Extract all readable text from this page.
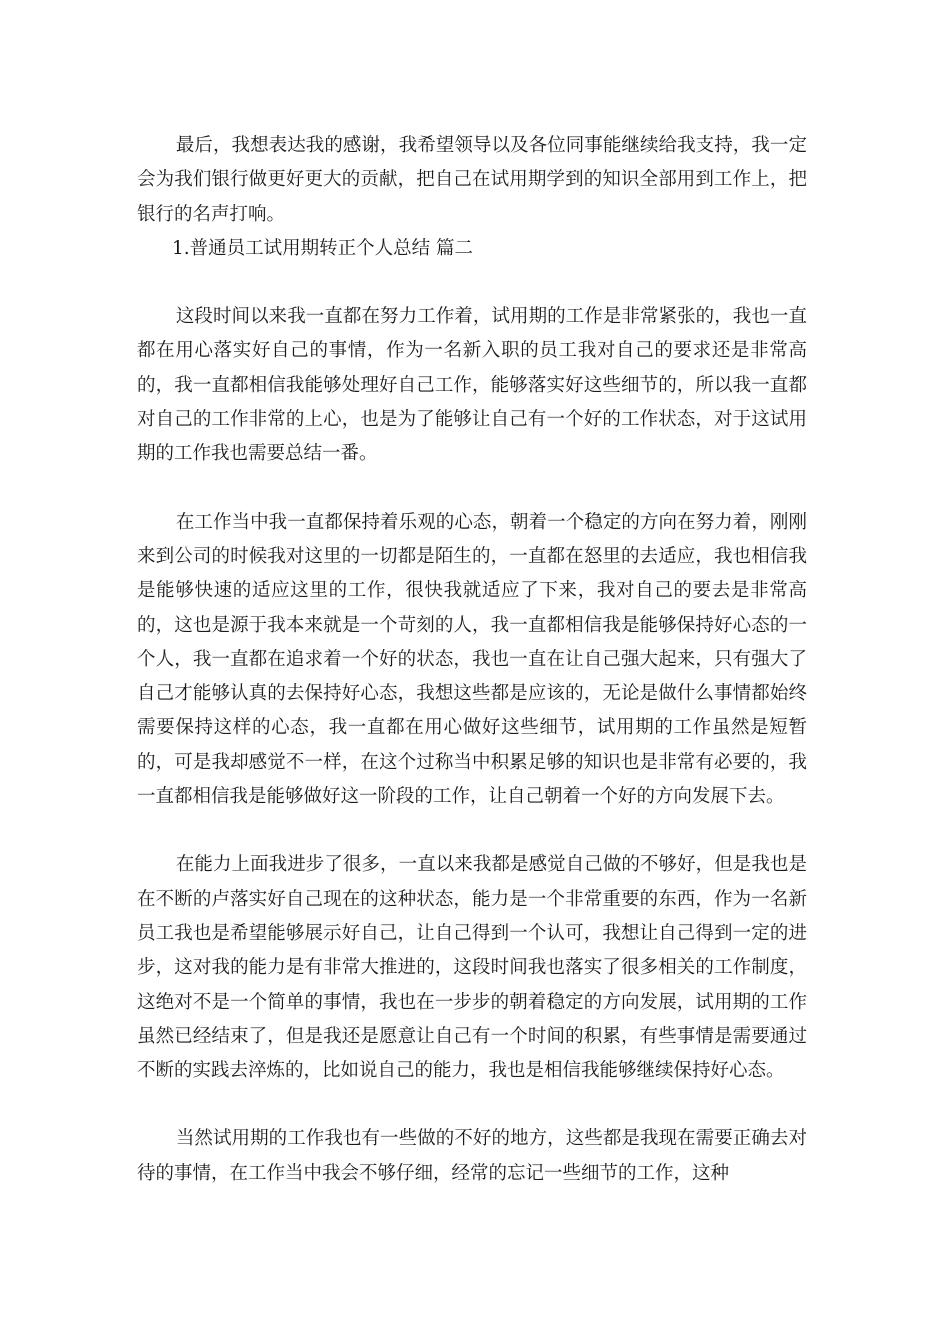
最后，我想表达我的感谢，我希望领导以及各位同事能继续给我支持，我一定会为我们银行做更好更大的贡献，把自己在试用期学到的知识全部用到工作上，把银行的名声打响。

1.普通员工试用期转正个人总结 篇二

这段时间以来我一直都在努力工作着，试用期的工作是非常紧张的，我也一直都在用心落实好自己的事情，作为一名新入职的员工我对自己的要求还是非常高的，我一直都相信我能够处理好自己工作，能够落实好这些细节的，所以我一直都对自己的工作非常的上心，也是为了能够让自己有一个好的工作状态，对于这试用期的工作我也需要总结一番。

在工作当中我一直都保持着乐观的心态，朝着一个稳定的方向在努力着，刚刚来到公司的时候我对这里的一切都是陌生的，一直都在怒里的去适应，我也相信我是能够快速的适应这里的工作，很快我就适应了下来，我对自己的要去是非常高的，这也是源于我本来就是一个苛刻的人，我一直都相信我是能够保持好心态的一个人，我一直都在追求着一个好的状态，我也一直在让自己强大起来，只有强大了自己才能够认真的去保持好心态，我想这些都是应该的，无论是做什么事情都始终需要保持这样的心态，我一直都在用心做好这些细节，试用期的工作虽然是短暂的，可是我却感觉不一样，在这个过称当中积累足够的知识也是非常有必要的，我一直都相信我是能够做好这一阶段的工作，让自己朝着一个好的方向发展下去。

在能力上面我进步了很多，一直以来我都是感觉自己做的不够好，但是我也是在不断的卢落实好自己现在的这种状态，能力是一个非常重要的东西，作为一名新员工我也是希望能够展示好自己，让自己得到一个认可，我想让自己得到一定的进步，这对我的能力是有非常大推进的，这段时间我也落实了很多相关的工作制度，这绝对不是一个简单的事情，我也在一步步的朝着稳定的方向发展，试用期的工作虽然已经结束了，但是我还是愿意让自己有一个时间的积累，有些事情是需要通过不断的实践去淬炼的，比如说自己的能力，我也是相信我能够继续保持好心态。

当然试用期的工作我也有一些做的不好的地方，这些都是我现在需要正确去对待的事情，在工作当中我会不够仔细，经常的忘记一些细节的工作，这种
